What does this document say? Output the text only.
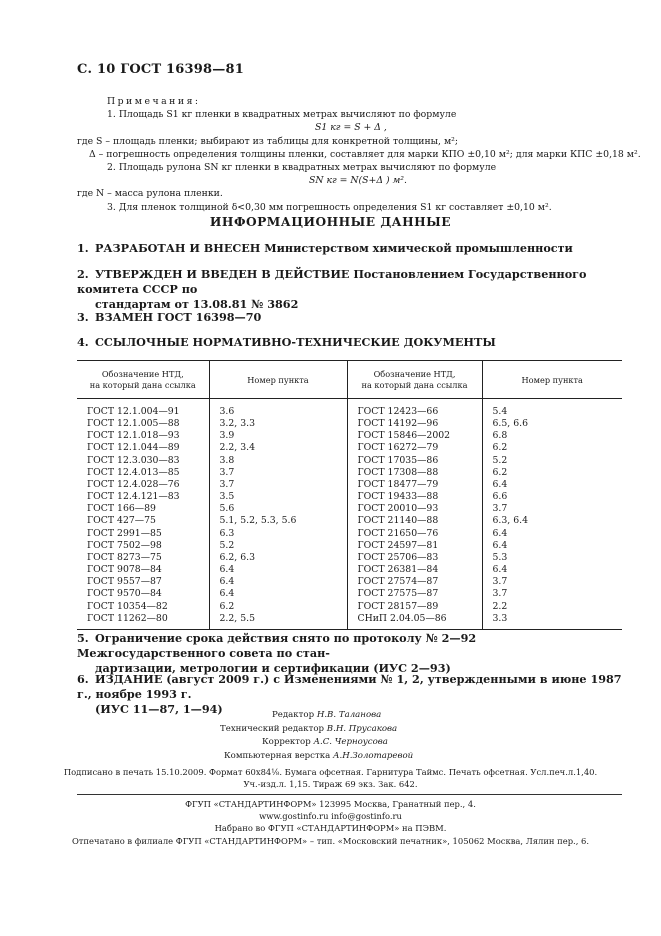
С. 10 ГОСТ 16398—81
Примечания:
1. Площадь S1 кг пленки в квадратных метрах вычисляют по формуле
S1 кг = S + Δ ,
где S – площадь пленки; выбирают из таблицы для конкретной толщины, м²;
Δ – погрешность определения толщины пленки, составляет для марки КПО ±0,10 м²; для марки КПС ±0,18 м².
2. Площадь рулона SN кг пленки в квадратных метрах вычисляют по формуле
SN кг = N(S+Δ ) м².
где N – масса рулона пленки.
3. Для пленок толщиной δ<0,30 мм погрешность определения S1 кг составляет ±0,10 м².
ИНФОРМАЦИОННЫЕ ДАННЫЕ
1. РАЗРАБОТАН И ВНЕСЕН Министерством химической промышленности
2. УТВЕРЖДЕН И ВВЕДЕН В ДЕЙСТВИЕ Постановлением Государственного комитета СССР по
стандартам от 13.08.81 № 3862
3. ВЗАМЕН ГОСТ 16398—70
4. ССЫЛОЧНЫЕ НОРМАТИВНО-ТЕХНИЧЕСКИЕ ДОКУМЕНТЫ
Обозначение НТД,
на который дана ссылка	Номер пункта	Обозначение НТД,
на который дана ссылка	Номер пункта
ГОСТ 12.1.004—91	3.6	ГОСТ 12423—66	5.4
ГОСТ 12.1.005—88	3.2, 3.3	ГОСТ 14192—96	6.5, 6.6
ГОСТ 12.1.018—93	3.9	ГОСТ 15846—2002	6.8
ГОСТ 12.1.044—89	2.2, 3.4	ГОСТ 16272—79	6.2
ГОСТ 12.3.030—83	3.8	ГОСТ 17035—86	5.2
ГОСТ 12.4.013—85	3.7	ГОСТ 17308—88	6.2
ГОСТ 12.4.028—76	3.7	ГОСТ 18477—79	6.4
ГОСТ 12.4.121—83	3.5	ГОСТ 19433—88	6.6
ГОСТ 166—89	5.6	ГОСТ 20010—93	3.7
ГОСТ 427—75	5.1, 5.2, 5.3, 5.6	ГОСТ 21140—88	6.3, 6.4
ГОСТ 2991—85	6.3	ГОСТ 21650—76	6.4
ГОСТ 7502—98	5.2	ГОСТ 24597—81	6.4
ГОСТ 8273—75	6.2, 6.3	ГОСТ 25706—83	5.3
ГОСТ 9078—84	6.4	ГОСТ 26381—84	6.4
ГОСТ 9557—87	6.4	ГОСТ 27574—87	3.7
ГОСТ 9570—84	6.4	ГОСТ 27575—87	3.7
ГОСТ 10354—82	6.2	ГОСТ 28157—89	2.2
ГОСТ 11262—80	2.2, 5.5	СНиП 2.04.05—86	3.3
5. Ограничение срока действия снято по протоколу № 2—92 Межгосударственного совета по стан-
дартизации, метрологии и сертификации (ИУС 2—93)
6. ИЗДАНИЕ (август 2009 г.) с Изменениями № 1, 2, утвержденными в июне 1987 г., ноябре 1993 г.
(ИУС 11—87, 1—94)	Редактор Н.В. Таланова
Технический редактор В.Н. Прусакова
Корректор А.С. Черноусова
Компьютерная верстка А.Н.Золотаревой
Подписано в печать 15.10.2009. Формат 60х84⅛. Бумага офсетная. Гарнитура Таймс. Печать офсетная. Усл.печ.л.1,40.
Уч.-изд.л. 1,15. Тираж 69 экз. Зак. 642.
ФГУП «СТАНДАРТИНФОРМ» 123995 Москва, Гранатный пер., 4.
www.gostinfo.ru info@gostinfo.ru
Набрано во ФГУП «СТАНДАРТИНФОРМ» на ПЭВМ.
Отпечатано в филиале ФГУП «СТАНДАРТИНФОРМ» – тип. «Московский печатник», 105062 Москва, Лялин пер., 6.
